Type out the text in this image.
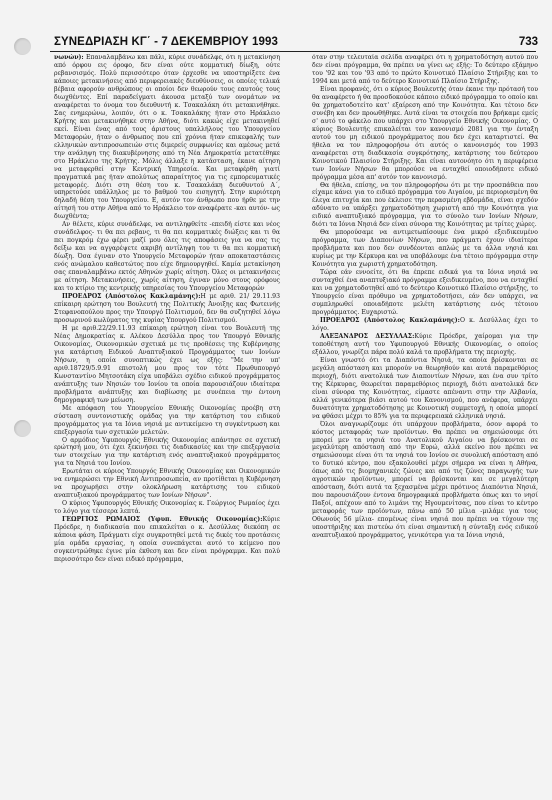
ΣΥΝΕΔΡΙΑΣΗ ΚΓ΄ - 7 ΔΕΚΕΜΒΡΙΟΥ 1993	733

νωνών): Επαναλαμβάνω και πάλι, κύριε συνάδελφε, ότι η μετακίνηση από όρφου εις όροφο, δεν είναι ούτε κομματική δίωξη, ούτε ρεβανσισμός. Πολύ περισσότερο όταν έρχεσθε να υποστηρίξετε ένα κάποιες μετακινήσεις από περιφερειακές διευθύνσεις, οι οποίες τελικά βέβαια αφορούν ανθρώπους οι οποίοι δεν θεωρούν τους εαυτούς τους διωχθέντες. Επί παραδείγματι άκουσα μεταξύ των ονομάτων να αναφέρεται το όνομα του διευθυντή κ. Τσακαλάκη ότι μετακινήθηκε. Σας ενημερώνω, λοιπόν, ότι ο κ. Τσακαλάκης ήταν στο Ηράκλειο Κρήτης και μετακινήθηκε στην Αθήνα, διότι κακώς είχε μετακινηθεί εκεί. Είναι ένας από τους άριστους υπαλλήλους του Υπουργείου Μεταφορών, ήταν ο άνθρωπος που επί χρόνια ήταν επικεφαλής των ελληνικών αντιπροσωπειών στις διμερείς συμφωνίες και αμέσως μετά την ανάληψη της διακυβέρνησης από τη Νέα Δημοκρατία μετατέθηκε στο Ηράκλειο της Κρήτης. Μόλις άλλαξε η κατάσταση, έκανε αίτηση να μεταφερθεί στην Κεντρική Υπηρεσία. Και μεταφέρθη γιατί πραγματικά μας ήταν απολύτως απαραίτητος για τις εμπορευματικές μεταφορές. Διότι στη θέση του κ. Τσακαλάκη διευθυντού Α΄, υπηρετούσε υπάλληλος με το βαθμού του εισηγητή. Στην κυριότερη δηλαδή θέση του Υπουργείου. Ε, αυτόν τον άνθρωπο που ήρθε με την αίτησή του στην Αθήνα από το Ηράκλειο τον αναφέρατε -και αυτόν- ως διωχθέντα;

Αν θέλετε, κύριε συνάδελφε, να αντιληφθείτε -επειδή είστε και νέος συνάδελφος- τι θα πει ρεβανς, τι θα πει κομματικές διώξεις και τι θα πει πογκρόμ έχω φέρει μαζί μου όλες τις αποφάσεις για να σας τις δείξω και να αγγαρέψετε ακριβή αντίληψη του τι θα πει κομματική δίωξη. Όσα έγιναν στο Υπουργείο Μεταφορών ήταν αποκαταστάσεις ενός ανώμαλου καθεστώτος που είχε δημιουργηθεί. Καμία μετακίνηση σας επαναλαμβάνω εκτός Αθηνών χωρίς αίτηση. Όλες οι μετακινήσεις με αίτηση. Μετακινήσεις, χωρίς αίτηση, έγιναν μόνο στους ορόφους και το κτίριο της κεντρικής υπηρεσίας του Υπουργείου Μεταφορών

ΠΡΟΕΔΡΟΣ (Απόστολος Κακλαμάνης):Η με αριθ. 21/ 29.11.93 επίκαιρη ερώτηση του Βουλευτή της Πολιτικής Άνοιξης κας Φωτεινής Στεφανοπούλου προς την Υπουργό Πολιτισμού, δεν θα συζητηθεί λόγω προσωρινού κωλύματος της κυρίας Υπουργού Πολιτισμού.

Η με αριθ.22/29.11.93 επίκαιρη ερώτηση είναι του Βουλευτή της Νέας Δημοκρατίας κ. Αλέκου Δεσύλλα προς τον Υπουργό Εθνικής Οικονομίας, Οικονομικών σχετικά με τις προθέσεις της Κυβέρνησης για κατάρτιση Ειδικού Αναπτυξιακού Προγράμματος των Ιονίων Νήσων, η οποία συνοπτικώς έχει ως εξής: "Με την υπ' αριθ.18729/5.9.91 επιστολή μου προς τον τότε Πρωθυπουργό Κωνσταντίνο Μητσοτάκη είχα υποβάλει σχέδιο ειδικού προγράμματος ανάπτυξης των Νησιών του Ιονίου τα οποία παρουσιάζουν ιδιαίτερα προβλήματα ανάπτυξης και διαβίωσης με συνέπεια την έντονη δημογραφική των μείωση.

Με απόφαση του Υπουργείου Εθνικής Οικονομίας προέβη στη σύσταση συντονιστικής ομάδας για την κατάρτιση του ειδικού προγράμματος για τα Ιόνια νησιά με αντικείμενο τη συγκέντρωση και επεξεργασία των σχετικών μελετών.

Ο αρμόδιος Υφυπουργός Εθνικής Οικονομίας απάντησε σε σχετική ερώτησή μου, ότι έχει ξεκινήσει τις διαδικασίες και την επεξεργασία των στοιχείων για την κατάρτιση ενός αναπτυξιακού προγράμματος για τα Νησιά του Ιονίου.

Ερωτάται οι κύριος Υπουργός Εθνικής Οικονομίας και Οικονομικών να ενημερώσει την Εθνική Αντιπροσωπεία, αν προτίθεται η Κυβέρνηση να προχωρήσει στην ολοκλήρωση κατάρτισης του ειδικού αναπτυξιακού προγράμματος των Ιονίων Νήσων".

Ο κύριος Υφυπουργός Εθνικής Οικονομίας κ. Γεώργιος Ρωμαίος έχει το λόγο για τέσσερα λεπτά.

ΓΕΩΡΓΙΟΣ ΡΩΜΑΙΟΣ (Υφυπ. Εθνικής Οικονομίας):Κύριε Πρόεδρε, η διαδικασία που επικαλείται ο κ. Δεσύλλας διεκόπη σε κάποια φάση. Πράγματι είχε συγκροτηθεί μετά τις δικές του προτάσεις μία ομάδα εργασίας, η οποία συνεπάγεται αυτό το κείμενο που συγκεντρώθηκε έγινε μία έκθεση και δεν είναι πρόγραμμα. Και πολύ περισσότερο δεν είναι ειδικό πρόγραμμα,

όταν στην τελευταία σελίδα αναφέρει ότι η χρηματοδότηση αυτού που δεν είναι πρόγραμμα, θα πρέπει να γίνει ως εξής: Το δεύτερο εξάμηνο του '92 και του '93 από το πρώτο Κοινοτικό Πλαίσιο Στήριξης και το 1994 και μετά από το δεύτερο Κοινοτικό Πλαίσιο Στήριξης.

Είναι προφανές, ότι ο κύριος Βουλευτής όταν έκανε την πρότασή του θα αναφέρετο ή θα προσδοκούσε κάποιο ειδικό πρόγραμμα το οποίο και θα χρηματοδοτείτο κατ' εξαίρεση από την Κοινότητα. Και τέτοιο δεν συνέβη και δεν προωθήθηκε. Αυτά είναι τα στοιχεία που βρήκαμε εμείς σ' αυτό το φάκελο που υπάρχει στο Υπουργείο Εθνικής Οικονομίας. Ο κύριος Βουλευτής επικαλείται τον κανονισμό 2081 για την ένταξη αυτού του μη ειδικού προγράμματος που δεν έχει καταρτιστεί. Θα ήθελα να τον πληροφορήσω ότι αυτός ο κανονισμός του 1993 αναφέρεται στη διαδικασία συγκρότησης, κατάρτισης του δεύτερου Κοινοτικού Πλαισίου Στήριξης. Και είναι αυτονόητο ότι η περιφέρεια των Ιονίων Νήσων θα μπορούσε να ενταχθεί οποιοδήποτε ειδικό πρόγραμμα μέσα απ' αυτόν τον κανονισμό.

Θα ήθελα, επίσης, να τον πληροφορήσω ότι με την προσπάθεια που είχαμε κάνει για το ειδικό πρόγραμμα του Αιγαίου, με περιορισμένη θα έλεγα επιτυχία και που έκλεισε την περασμένη εβδομάδα, είναι σχεδόν αδύνατο να υπάρξει χρηματοδότηση χωριστή από την Κοινότητα για ειδικό αναπτυξιακό πρόγραμμα, για το σύνολο των Ιονίων Νήσων, διότι τα Ιόνια Νησιά δεν είναι σύνορα της Κοινότητας με τρίτες χώρες.

Θα μπορούσαμε να αντιμετωπίσουμε ένα μικρό εξειδικευμένο πρόγραμμα, των Διαπονίων Νήσων, που πράγματι έχουν ιδιαίτερα προβλήματα και που δεν συνδέονται απλώς με τα άλλα νησιά και κυρίως με την Κέρκυρα και να υποβάλουμε ένα τέτοιο πρόγραμμα στην Κοινότητα για χωριστή χρηματοδότηση.

Τώρα εάν εννοείτε, ότι θα έπρεπε ειδικά για τα Ιόνια νησιά να συνταχθεί ένα αναπτυξιακό πρόγραμμα εξειδικευμένο, που να ενταχθεί και να χρηματοδοτηθεί από το δεύτερο Κοινοτικό Πλαίσιο στήριξης, το Υπουργείο είναι πρόθυμο να χρηματοδοτήσει, εάν δεν υπάρχει, να συμπληρωθεί οποιαδήποτε μελέτη κατάρτισης ενός τέτοιου προγράμματος. Ευχαριστώ.

ΠΡΟΕΔΡΟΣ (Απόστολος Κακλαμάνης):Ο κ. Δεσύλλας έχει το λόγο.

ΑΛΕΞΑΝΔΡΟΣ ΔΕΣΥΛΛΑΣ:Κύριε Πρόεδρε, χαίρομαι για την τοποθέτηση αυτή του Υφυπουργού Εθνικής Οικονομίας, ο οποίος εξάλλου, γνωρίζει πάρα πολύ καλά τα προβλήματα της περιοχής.

Είναι γνωστό ότι τα Διαπόντια Νησιά, τα οποία βρίσκονται σε μεγάλη απόσταση και μπορούν να θεωρηθούν και αυτά παραμεθόριος περιοχή, διότι ανατολικά των Διαποντίων Νήσων, και ένα συν τρίτο της Κέρκυρας, θεωρείται παραμεθόριος περιοχή, διότι ανατολικά δεν είναι σύνορα της Κοινότητας, είμαστε απέναντι στην την Αλβανία, αλλά γενικότερα βιάσι αυτού του Κανονισμού, που ανέφερα, υπάρχει δυνατότητα χρηματοδότησης με Κοινοτική συμμετοχή, η οποία μπορεί να φθάσει μέχρι το 85% για τα περιφερειακά ελληνικά νησιά.

Όλοι αναγνωρίζουμε ότι υπάρχουν προβλήματα, όσον αφορά το κόστος μεταφοράς των προϊόντων. Θα πρέπει να σημειώσουμε ότι μπορεί μεν τα νησιά του Ανατολικού Αιγαίου να βρίσκονται σε μεγαλύτερη απόσταση από την Ευρώ, αλλά εκείνο που πρέπει να σημειώσουμε είναι ότι τα νησιά του Ιονίου σε συνολική απόσταση από το δυτικό κέντρο, που εξακολουθεί μέχρι σήμερα να είναι η Αθήνα, όπως από τις βιομηχανικές ζώνες και από τις ζώνες παραγωγής των αγροτικών προϊόντων, μπορεί να βρίσκονται και σε μεγαλύτερη απόσταση, διότι αυτά τα ξεχασμένα μέχρι πρότινος Διαπόντια Νησιά, που παρουσιάζουν έντονα δημογραφικά προβλήματα όπως και το νησί Παξοί, απέχουν από το λιμάνι της Ηγουμενίτσας, που είναι το κέντρο μεταφοράς των προϊόντων, πάνω από 50 μίλια -μιλάμε για τους Οθωνούς 56 μίλια- επομένως είναι νησιά που πρέπει να τύχουν της υποστήριξης και πιστεύω ότι είναι σημαντική η σύνταξη ενός ειδικού αναπτυξιακού προγράμματος, γενικότερα για τα Ιόνια νησιά,
